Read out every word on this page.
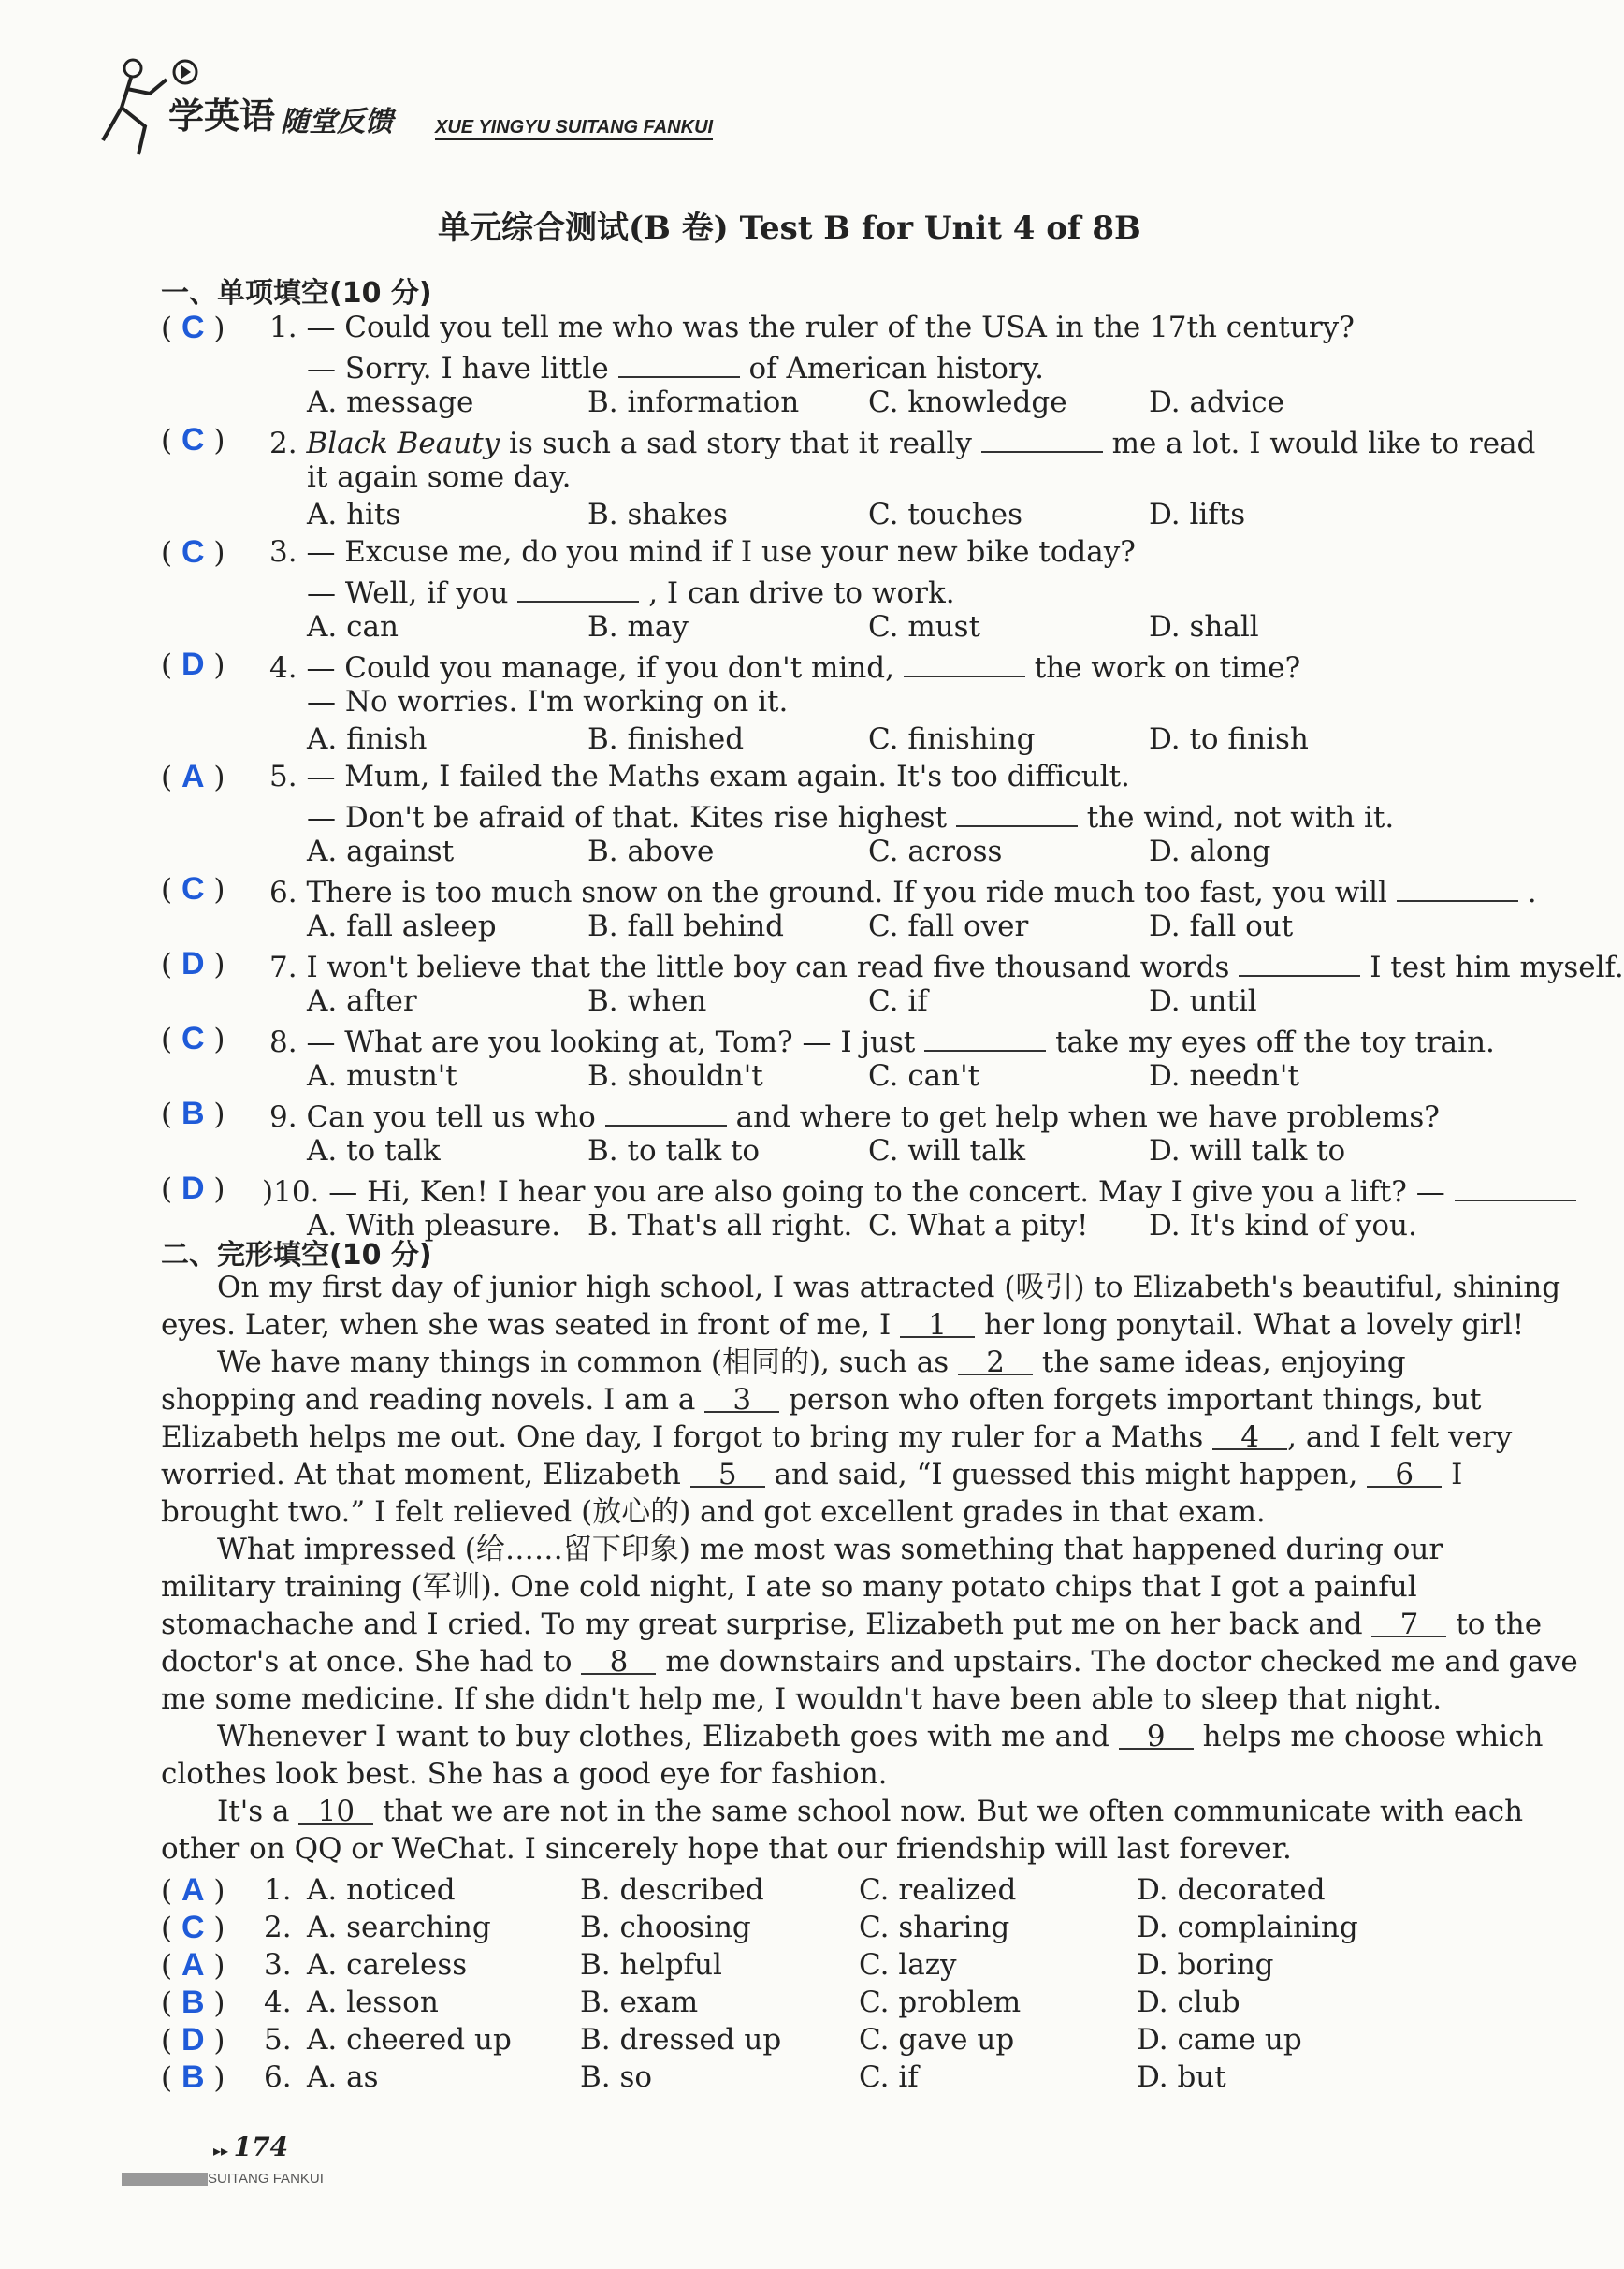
学英语 随堂反馈 XUE YINGYU SUITANG FANKUI
单元综合测试(B 卷) Test B for Unit 4 of 8B
一、单项填空(10 分)
( C ) 1. — Could you tell me who was the ruler of the USA in the 17th century?
— Sorry. I have little	of American history.
A. message	B. information C. knowledge	D. advice
( C ) 2. Black Beauty is such a sad story that it really	me a lot. I would like to read
it again some day.
A. hits	B. shakes	C. touches	D. lifts
( C ) 3. — Excuse me, do you mind if I use your new bike today?
— Well, if you	, I can drive to work.
A. can	B. may	C. must	D. shall
( D ) 4. — Could you manage, if you don't mind,	the work on time?
— No worries. I'm working on it.
A. finish	B. finished	C. finishing	D. to finish
( A ) 5. — Mum, I failed the Maths exam again. It's too difficult.
— Don't be afraid of that. Kites rise highest	the wind, not with it.
A. against	B. above	C. across	D. along
( C ) 6. There is too much snow on the ground. If you ride much too fast, you will	.
A. fall asleep	B. fall behind	C. fall over	D. fall out
( D ) 7. I won't believe that the little boy can read five thousand words	I test him myself.
A. after	B. when	C. if	D. until
( C ) 8. — What are you looking at, Tom? — I just	take my eyes off the toy train.
A. mustn't	B. shouldn't	C. can't	D. needn't
( B ) 9. Can you tell us who	and where to get help when we have problems?
A. to talk	B. to talk to	C. will talk	D. will talk to
( D ) )10. — Hi, Ken! I hear you are also going to the concert. May I give you a lift? —
A. With pleasure. B. That's all right. C. What a pity! D. It's kind of you.
二、完形填空(10 分)
On my first day of junior high school, I was attracted (吸引) to Elizabeth's beautiful, shining
eyes. Later, when she was seated in front of me, I 1 her long ponytail. What a lovely girl!
We have many things in common (相同的), such as 2 the same ideas, enjoying
shopping and reading novels. I am a 3 person who often forgets important things, but
Elizabeth helps me out. One day, I forgot to bring my ruler for a Maths 4 , and I felt very
worried. At that moment, Elizabeth 5 and said, “I guessed this might happen, 6 I
brought two.” I felt relieved (放心的) and got excellent grades in that exam.
What impressed (给……留下印象) me most was something that happened during our
military training (军训). One cold night, I ate so many potato chips that I got a painful
stomachache and I cried. To my great surprise, Elizabeth put me on her back and 7 to the
doctor's at once. She had to 8 me downstairs and upstairs. The doctor checked me and gave
me some medicine. If she didn't help me, I wouldn't have been able to sleep that night.
Whenever I want to buy clothes, Elizabeth goes with me and 9 helps me choose which
clothes look best. She has a good eye for fashion.
It's a 10 that we are not in the same school now. But we often communicate with each
other on QQ or WeChat. I sincerely hope that our friendship will last forever.
( A ) 1. A. noticed	B. described	C. realized	D. decorated
( C ) 2. A. searching	B. choosing	C. sharing	D. complaining
( A ) 3. A. careless	B. helpful	C. lazy	D. boring
( B ) 4. A. lesson	B. exam	C. problem	D. club
( D ) 5. A. cheered up B. dressed up	C. gave up	D. came up
( B ) 6. A. as	B. so	C. if	D. but
▸▸ 174
SUITANG FANKUI
